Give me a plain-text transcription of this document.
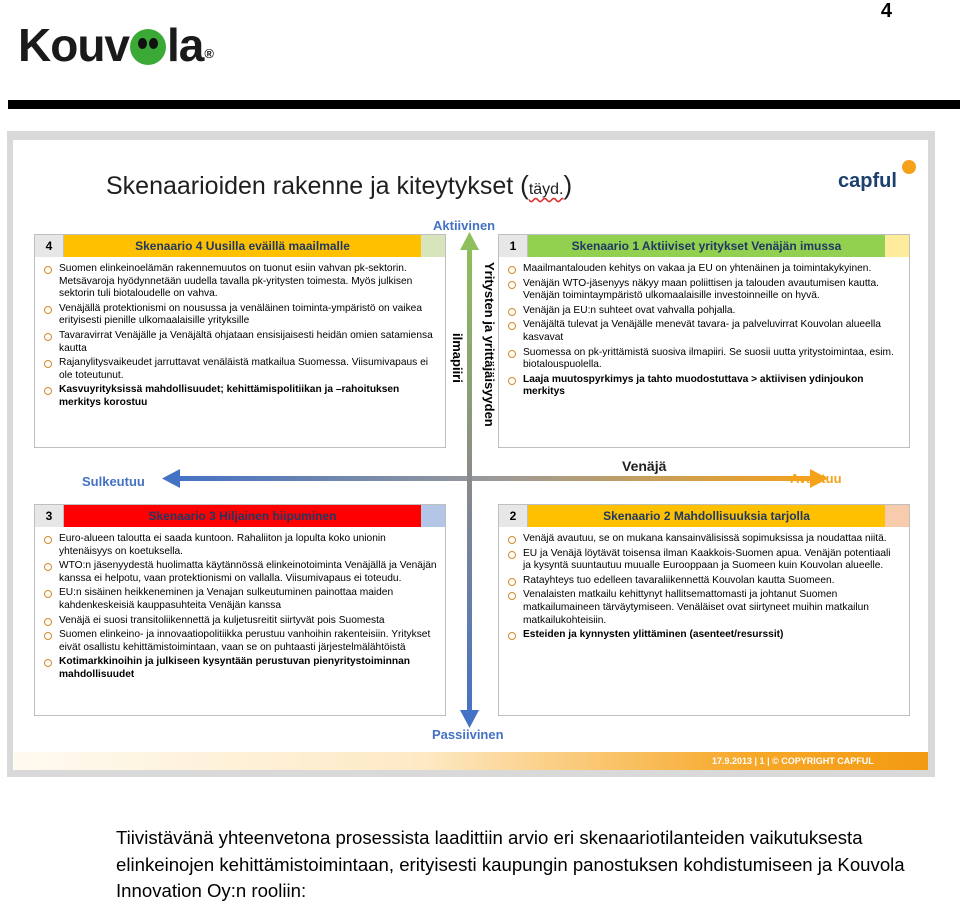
4
Kouv la®
Skenaarioiden rakenne ja kiteytykset (täyd.)	capful
Aktiivinen
Passiivinen
Sulkeutuu	Avautuu
Venäjä
Yritysten ja yrittäjäisyyden
ilmapiiri
4	Skenaario 4 Uusilla eväillä maailmalle
Suomen elinkeinoelämän rakennemuutos on tuonut esiin vahvan pk-sektorin. Metsävaroja hyödynnetään uudella tavalla pk-yritysten toimesta. Myös julkisen sektorin tuli biotaloudelle on vahva.
Venäjällä protektionismi on nousussa ja venäläinen toiminta-ympäristö on vaikea erityisesti pienille ulkomaalaisille yrityksille
Tavaravirrat Venäjälle ja Venäjältä ohjataan ensisijaisesti heidän omien satamiensa kautta
Rajanylitysvaikeudet jarruttavat venäläistä matkailua Suomessa. Viisumivapaus ei ole toteutunut.
Kasvuyrityksissä mahdollisuudet; kehittämispolitiikan ja –rahoituksen merkitys korostuu
1	Skenaario 1 Aktiiviset yritykset Venäjän imussa
Maailmantalouden kehitys on vakaa ja EU on yhtenäinen ja toimintakykyinen.
Venäjän WTO-jäsenyys näkyy maan poliittisen ja talouden avautumisen kautta. Venäjän toimintaympäristö ulkomaalaisille investoinneille on hyvä.
Venäjän ja EU:n suhteet ovat vahvalla pohjalla.
Venäjältä tulevat ja Venäjälle menevät tavara- ja palveluvirrat Kouvolan alueella kasvavat
Suomessa on pk-yrittämistä suosiva ilmapiiri. Se suosii uutta yritystoimintaa, esim. biotalouspuolella.
Laaja muutospyrkimys ja tahto muodostuttava > aktiivisen ydinjoukon merkitys
3	Skenaario 3 Hiljainen hiipuminen
Euro-alueen taloutta ei saada kuntoon. Rahaliiton ja lopulta koko unionin yhtenäisyys on koetuksella.
WTO:n jäsenyydestä huolimatta käytännössä elinkeinotoiminta Venäjällä ja Venäjän kanssa ei helpotu, vaan protektionismi on vallalla. Viisumivapaus ei toteudu.
EU:n sisäinen heikkeneminen ja Venajan sulkeutuminen painottaa maiden kahdenkeskeisiä kauppasuhteita Venäjän kanssa
Venäjä ei suosi transitoliikennettä ja kuljetusreitit siirtyvät pois Suomesta
Suomen elinkeino- ja innovaatiopolitiikka perustuu vanhoihin rakenteisiin. Yritykset eivät osallistu kehittämistoimintaan, vaan se on puhtaasti järjestelmälähtöistä
Kotimarkkinoihin ja julkiseen kysyntään perustuvan pienyritystoiminnan mahdollisuudet
2	Skenaario 2 Mahdollisuuksia tarjolla
Venäjä avautuu, se on mukana kansainvälisissä sopimuksissa ja noudattaa niitä.
EU ja Venäjä löytävät toisensa ilman Kaakkois-Suomen apua. Venäjän potentiaali ja kysyntä suuntautuu muualle Eurooppaan ja Suomeen kuin Kouvolan alueelle.
Ratayhteys tuo edelleen tavaraliikennettä Kouvolan kautta Suomeen.
Venalaisten matkailu kehittynyt hallitsemattomasti ja johtanut Suomen matkailumaineen tärväytymiseen. Venäläiset ovat siirtyneet muihin matkailun matkailukohteisiin.
Esteiden ja kynnysten ylittäminen (asenteet/resurssit)
17.9.2013 | 1 | © COPYRIGHT CAPFUL
Tiivistävänä yhteenvetona prosessista laadittiin arvio eri skenaariotilanteiden vaikutuksesta elinkeinojen kehittämistoimintaan, erityisesti kaupungin panostuksen kohdistumiseen ja Kouvola Innovation Oy:n rooliin:
